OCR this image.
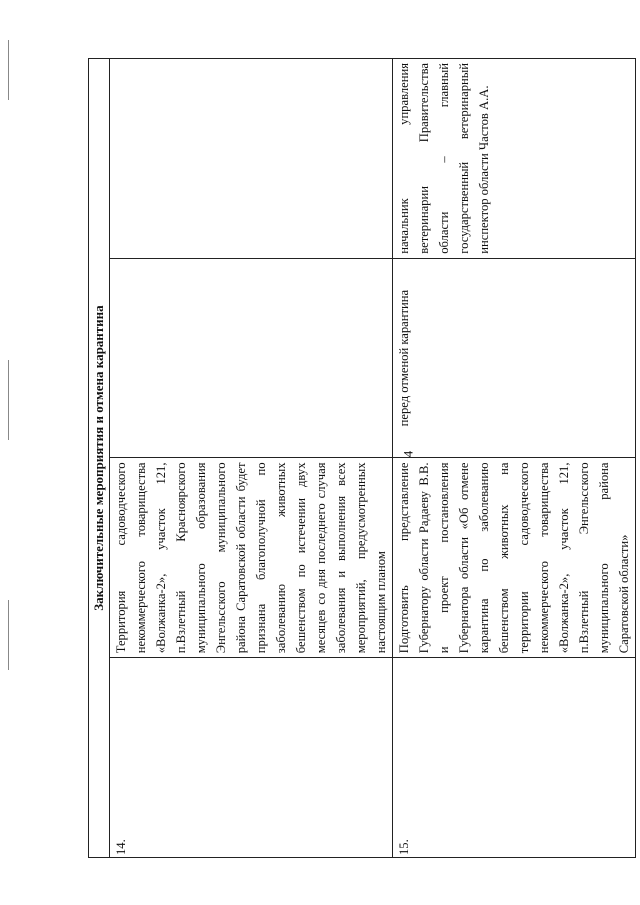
4
Заключительные мероприятия и отмена карантина			
14.	Территория садоводческого некоммерческого товарищества «Волжанка-2», участок 121, п.Взлетный Красноярского муниципального образования Энгельсского муниципального района Саратовской области будет признана благополучной по заболеванию животных бешенством по истечении двух месяцев со дня последнего случая заболевания и выполнения всех мероприятий, предусмотренных настоящим планом		
15.	Подготовить представление Губернатору области Радаеву В.В. и проект постановления Губернатора области «Об отмене карантина по заболеванию бешенством животных на территории садоводческого некоммерческого товарищества «Волжанка-2», участок 121, п.Взлетный Энгельсского муниципального района Саратовской области»	перед отменой карантина	начальник управления ветеринарии Правительства области – главный государственный ветеринарный инспектор области Частов А.А.
